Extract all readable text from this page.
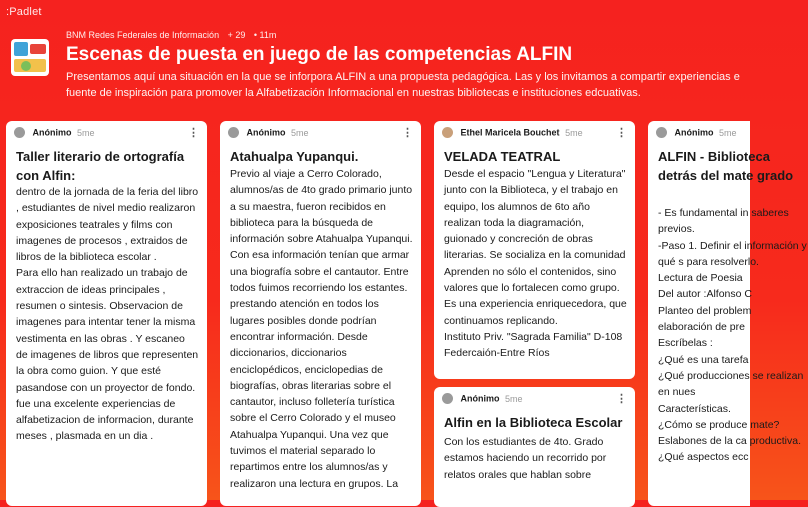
:Padlet
BNM Redes Federales de Información + 29 • 11m
Escenas de puesta en juego de las competencias ALFIN
Presentamos aquí una situación en la que se inforpora ALFIN a una propuesta pedagógica. Las y los invitamos a compartir experiencias e fuente de inspiración para promover la Alfabetización Informacional en nuestras bibliotecas e instituciones edcuativas.
Anónimo 5me	⋮
Taller literario de ortografía con Alfin:
dentro de la jornada de la feria del libro , estudiantes de nivel medio realizaron exposiciones teatrales y films con imagenes de procesos , extraidos de libros de la biblioteca escolar .
Para ello han realizado un trabajo de extraccion de ideas principales , resumen o sintesis. Observacion de imagenes para intentar tener la misma vestimenta en las obras . Y escaneo de imagenes de libros que representen la obra como guion. Y que esté pasandose con un proyector de fondo.
fue una excelente experiencias de alfabetizacion de informacion, durante meses , plasmada en un dia .
Anónimo 5me	⋮
Atahualpa Yupanqui.
Previo al viaje a Cerro Colorado, alumnos/as de 4to grado primario junto a su maestra, fueron recibidos en biblioteca para la búsqueda de información sobre Atahualpa Yupanqui. Con esa información tenían que armar una biografía sobre el cantautor. Entre todos fuimos recorriendo los estantes. prestando atención en todos los lugares posibles donde podrían encontrar información. Desde diccionarios, diccionarios enciclopédicos, enciclopedias de biografías, obras literarias sobre el cantautor, incluso folletería turística sobre el Cerro Colorado y el museo Atahualpa Yupanqui. Una vez que tuvimos el material separado lo repartimos entre los alumnos/as y realizaron una lectura en grupos. La
Ethel Maricela Bouchet 5me	⋮
VELADA TEATRAL
Desde el espacio "Lengua y Literatura" junto con la Biblioteca, y el trabajo en equipo, los alumnos de 6to año realizan toda la diagramación, guionado y concreción de obras literarias. Se socializa en la comunidad Aprenden no sólo el contenidos, sino valores que lo fortalecen como grupo. Es una experiencia enriquecedora, que continuamos replicando.
Instituto Priv. "Sagrada Familia" D-108
Federcaión-Entre Ríos
Anónimo 5me	⋮
Alfin en la Biblioteca Escolar
Con los estudiantes de 4to. Grado estamos haciendo un recorrido por relatos orales que hablan sobre
Anónimo 5me
ALFIN - Biblioteca detrás del mate grado
- Es fundamental in saberes previos.
-Paso 1. Definir el información y qué s para resolverlo.
Lectura de Poesia
Del autor :Alfonso C
Planteo del problem elaboración de pre
Escríbelas :
¿Qué es una tarefa
¿Qué producciones se realizan en nues
Características.
¿Cómo se produce mate?
Eslabones de la ca productiva.
¿Qué aspectos ecc
